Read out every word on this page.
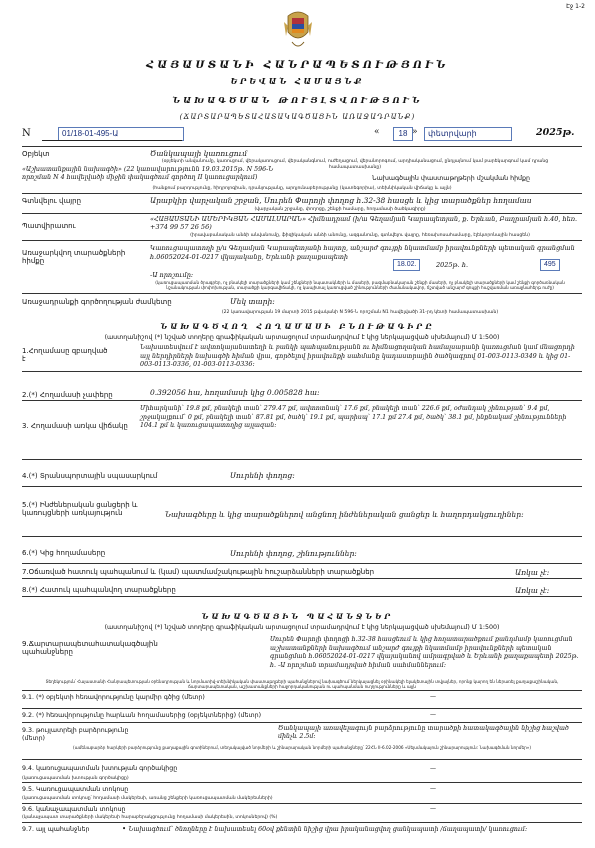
Էջ 1-2
ՀԱՅԱՍՏԱՆԻ ՀԱՆՐԱՊԵՏՈՒԹՅՈՒՆ
ԵՐԵՎԱՆ ՀԱՄԱՅՆՔ
ՆԱԽԱԳԾՄԱՆ ԹՈՒՅԼՏՎՈՒԹՅՈՒՆ
(ՃԱՐՏԱՐԱՊԵՏԱՀԱՏԱԿԱԳԾԱՅԻՆ ԱՌԱՋԱԴՐԱՆՔ)
N	01/18-01-495-Ա	«	18 »	փետրվարի	2025թ.
Օբյեկտ	Ծանկապայի կառուցում
(օբյեկտի անվանումը, կառուցում, վերակառուցում, վերականգնում, ուժեղացում, վերանորոգում, արդիականացում, ընդլայնում կամ բարեկարգում կամ դրանց համապատասխանը)
«Աշխատանքային նախագծի» (22 կառավարությունն 19.03.2015թ. N 596-Ն որոշման N 4 հավելվածի միջին փակագծում գործող II կառուցարկում)	Նախագծային փաստաթղթերի մշակման հիմքը
(հանքում բարդությունը, հիդրոլոգիան, դրանյությանը, արդյունաբերությանը (կատեգորիա), տեխնիկական վիճակը և այլն)
Գտնվելու վայրը	Արաբկիր վարչական շրջան, Սուրեն Փարոյի փողոց հ.32-38 հասցե և կից տարածքներ հողամաս
(վարչական շրջանը, փողոցը, շենքի համարը, հողամասի ծածկագիրը)
Պատվիրատու
«ՀԱՅԱՍՏԱՆԻ ԱՄԵՐԻԿՅԱՆ ՀԱՄԱԼՍԱՐԱՆ» Հիմնադրամ (ի/ա Գեղամյան Կարապետյան, ք. Երևան, Բաղրամյան հ.40, հեռ. +374 99 57 26 56)
(իրավաբանական անձի անվանումը, ֆիզիկական անձի անունը, ազգանունը, գտնվելու վայրը, հեռախոսահամարը, էլեկտրոնային հասցեն)
Առաջարկվող տարածքների հիմքը
Կառուցապատողի ը/ս Գեղամյան Կարապետյանի հայտը, անշարժ գույքի նկատմամբ իրավունքների պետական գրանցման հ.06052024-01-0217 վկայականը, Երևանի քաղաքապետի
18.02.	2025թ. հ.	495
-Ա որոշումը։
(կառուցապատման ծրագրեր, ոչ բնակելի տարածքների կամ շենքների նպատակների և մասերի, բազմաբնակարան շենքի մասերի, ոչ բնակելի տարածքների կամ շենքի գործառնական նշանակության փոփոխության, տարածքի կարգավիճակի, ոչ կապիտալ կառուցված շինությունների ժամանակավոր, ճշտված անշարժ գույքի հաշվառման առաջնահերթ ուժը)
Առաջադրանքի գործողության ժամկետը	Մեկ տարի։
(22 կառավարության 19 մարտի 2015 թվականի N 596-Ն որոշման N1 հավելվածի 31-րդ կետի համապատասխան)
ՆԱԽԱԳԾՎՈՂ ՀՈՂԱՄԱՍԻ ԲՆՈՒԹԱԳԻՐԸ
(աստղանիշով (*) նշված տողերը գրաֆիկական արտացոլում տրամադրվում է կից ներկայացված սխեմայում) Մ 1:500)
1.Հողամասը զբաղված է
Նախատեսվում է ավտոկայանատեղի և բանկի պահպանությանն ու հիմնացողական համալսարանի կառուցման կամ մնացորդի այլ ներդիրների նախագծի հիման վրա, գործելով իրավունքի սահմանը կադաստրային ծածկագրով 01-003-0113-0349 և կից 01-003-0113-0336, 01-003-0113-0336։
2.(*) Հողամասի չափերը	0.392056 հա, հողամասի կից 0.005828 հա։
3. Հողամասի առկա վիճակը
Միհարկանի՝ 19.8 քմ, բնակելի տան՝ 279.47 քմ, ավտոտնակ՝ 17.6 քմ, բնակելի տան՝ 226.6 քմ, օժանդակ շինության՝ 9.4 քմ, շրջակայքում՝ 0 քմ, բնակելի տան՝ 87.81 քմ, ծածկ՝ 19.1 քմ, պարիսպ՝ 17.1 քմ 27.4 քմ, ծածկ՝ 38.1 քմ, ինքնակամ շինությունների 104.1 քմ և կառուցապատողից այլազան։
4.(*) Տրանսպորտային սպասարկում	Սուրենի փողոց։
5.(*) Ինժեներական ցանցերի և կառույցների առկայություն	Նախագծերը և կից տարածքներով անցնող ինժեներական ցանցեր և հաղորդակցուղիներ։
6.(*) Կից հողամասերը	Սուրենի փողոց, շինություններ։
7.Օճառված հատուկ պահպանում և (կամ) պատմամշակութային հուշարձանների տարածքներ	Առկա չէ։
8.(*) Հատուկ պահպանվող տարածքները	Առկա չէ։
ՆԱԽԱԳԾԱՅԻՆ ՊԱՀԱՆՋՆԵՐ
(աստղանիշով (*) նշված տողերը գրաֆիկական արտացոլում տրամադրվում է կից ներկայացված սխեմայում) Մ 1:500)
9.Ճարտարապետահատակագծային պահանջները
Սուրեն Փարոյի փողոցի հ.32-38 հասցեում և կից հողատարածքում քանդմամբ կառուցման աշխատանքների նախագծում անշարժ գույքի նկատմամբ իրավունքների պետական գրանցման հ.06052024-01-0217 վկայականով ամրագրված և Երևանի քաղաքապետի 2025թ. հ. -Ա որոշման տրամադրված հիման սահմաններում։
Տեղեկություն՝ Հայաստանի Հանրապետության օրենսդրության և նորմատիվ-տեխնիկական փաստաթղթերի պահանջներով նախագծում ներկայացնել օրինակելի ելակետային տվյալներ, որոնք կարող են ներառել քաղաքաշինական, ճարտարապետական, աշխատանքների հաջորդականության ու պահպանման ուղղությունները և այլն
9.1. (*) օբյեկտի հեռավորությունը կարմիր գծից (մետր)	—
9.2. (*) հեռավորությունը հարևան հողամասերից (օբյեկտներից) (մետր)	—
9.3. թույլատրելի բարձրությունը (մետր)
Ծանկապայի առավելագույն բարձրությունը տարածքի հատակագծային նիշից հաշված մինչև 2.5մ։
(ամենաբարձր հարկերի բարձրությունը քաղաքային գոտիներում, տեղակայված նորմերի և շինարարական նորմերի պահանջները՝ 22ՀՆ II-6.02-2006 «Սեյսմակայուն շինարարություն: Նախագծման նորմեր»)
9.4. կառուցապատման խտության գործակիցը	—
(կառուցապատման խտության գործակիցը)
9.5. Կառուցապատման տոկոսը	—
(կառուցապատման տոկոսը՝ հողամասի մակերեսի, առանց շենքերի կառուցապատման մակերեսների)
9.6. կանաչապատման տոկոսը	—
(կանաչապատ տարածքների մակերեսի հարաբերակցությունը հողամասի մակերեսին, տոկոսներով) (%)
9.7. այլ պահանջներ	• Նախագծում՝ ծնողները է նախատեսել 60օվ քենտին նիշից վրա իրականացվող ցանկապատի /ճաղապատի/ կառուցում։
